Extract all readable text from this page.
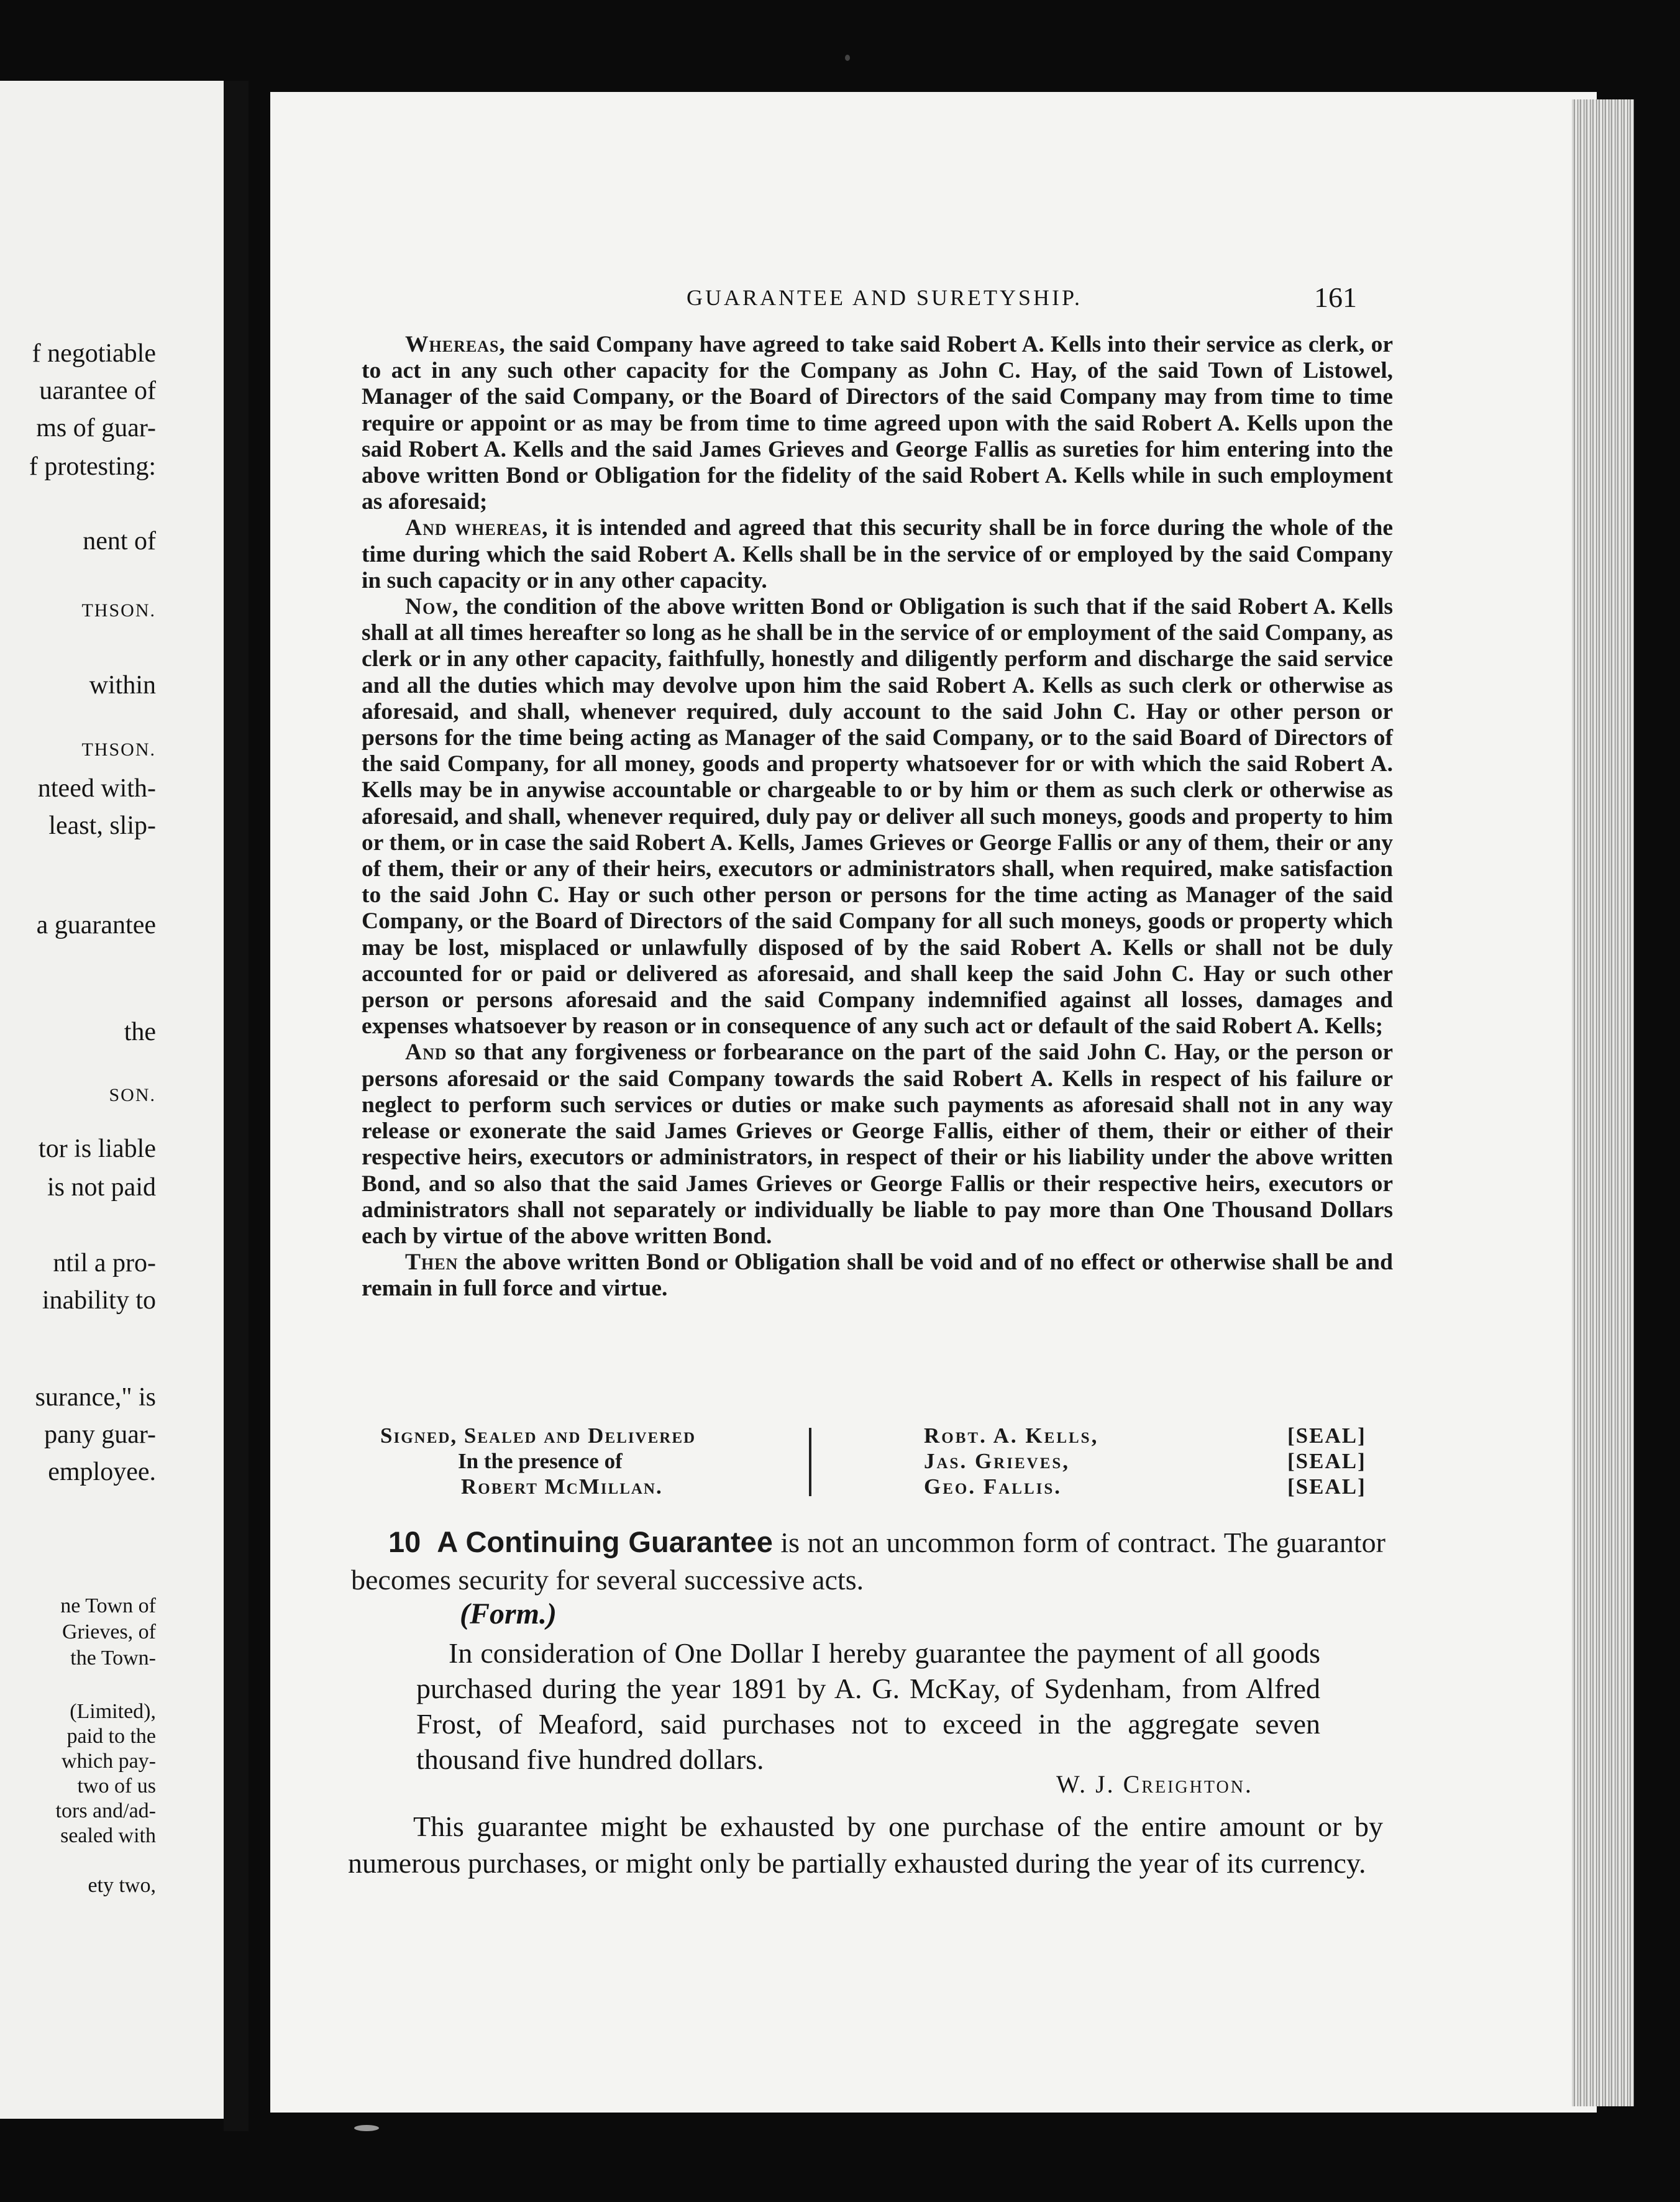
f negotiable
uarantee of
ms of guar-
f protesting:
nent of
THSON.
within
THSON.
nteed with-
least, slip-
a guarantee
the
SON.
tor is liable
is not paid
ntil a pro-
inability to
surance," is
pany guar-
employee.
ne Town of
Grieves, of
the Town-
(Limited),
paid to the
which pay-
two of us
tors and/ad-
sealed with
ety two,
GUARANTEE AND SURETYSHIP.	161

Whereas, the said Company have agreed to take said Robert A. Kells into their service as clerk, or to act in any such other capacity for the Company as John C. Hay, of the said Town of Listowel, Manager of the said Company, or the Board of Directors of the said Company may from time to time require or appoint or as may be from time to time agreed upon with the said Robert A. Kells upon the said Robert A. Kells and the said James Grieves and George Fallis as sureties for him entering into the above written Bond or Obligation for the fidelity of the said Robert A. Kells while in such employment as aforesaid;

And whereas, it is intended and agreed that this security shall be in force during the whole of the time during which the said Robert A. Kells shall be in the service of or employed by the said Company in such capacity or in any other capacity.

Now, the condition of the above written Bond or Obligation is such that if the said Robert A. Kells shall at all times hereafter so long as he shall be in the service of or employment of the said Company, as clerk or in any other capacity, faithfully, honestly and diligently perform and discharge the said service and all the duties which may devolve upon him the said Robert A. Kells as such clerk or otherwise as aforesaid, and shall, whenever required, duly account to the said John C. Hay or other person or persons for the time being acting as Manager of the said Company, or to the said Board of Directors of the said Company, for all money, goods and property whatsoever for or with which the said Robert A. Kells may be in anywise accountable or chargeable to or by him or them as such clerk or otherwise as aforesaid, and shall, whenever required, duly pay or deliver all such moneys, goods and property to him or them, or in case the said Robert A. Kells, James Grieves or George Fallis or any of them, their or any of them, their or any of their heirs, executors or administrators shall, when required, make satisfaction to the said John C. Hay or such other person or persons for the time acting as Manager of the said Company, or the Board of Directors of the said Company for all such moneys, goods or property which may be lost, misplaced or unlawfully disposed of by the said Robert A. Kells or shall not be duly accounted for or paid or delivered as aforesaid, and shall keep the said John C. Hay or such other person or persons aforesaid and the said Company indemnified against all losses, damages and expenses whatsoever by reason or in consequence of any such act or default of the said Robert A. Kells;

And so that any forgiveness or forbearance on the part of the said John C. Hay, or the person or persons aforesaid or the said Company towards the said Robert A. Kells in respect of his failure or neglect to perform such services or duties or make such payments as aforesaid shall not in any way release or exonerate the said James Grieves or George Fallis, either of them, their or either of their respective heirs, executors or administrators, in respect of their or his liability under the above written Bond, and so also that the said James Grieves or George Fallis or their respective heirs, executors or administrators shall not separately or individually be liable to pay more than One Thousand Dollars each by virtue of the above written Bond.

Then the above written Bond or Obligation shall be void and of no effect or otherwise shall be and remain in full force and virtue.

Signed, Sealed and Delivered
In the presence of
Robert McMillan.
Robt. A. Kells,
Jas. Grieves,
Geo. Fallis.
[SEAL]
[SEAL]
[SEAL]
10 A Continuing Guarantee is not an uncommon form of contract. The guarantor becomes security for several successive acts.
(Form.)
In consideration of One Dollar I hereby guarantee the payment of all goods purchased during the year 1891 by A. G. McKay, of Sydenham, from Alfred Frost, of Meaford, said purchases not to exceed in the aggregate seven thousand five hundred dollars.
W. J. Creighton.
This guarantee might be exhausted by one purchase of the entire amount or by numerous purchases, or might only be partially exhausted during the year of its currency.
